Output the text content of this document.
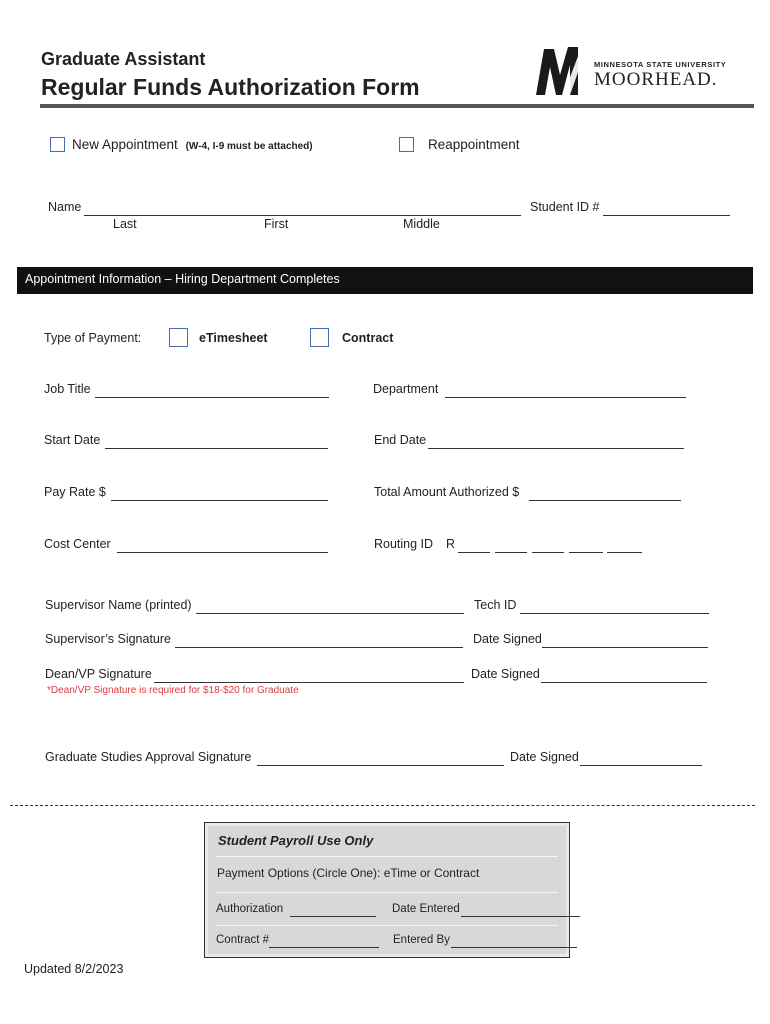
Graduate Assistant
Regular Funds Authorization Form
MINNESOTA STATE UNIVERSITY
MOORHEAD.
New Appointment (W-4, I-9 must be attached)	Reappointment
Name
Last	First	Middle
Student ID #
Appointment Information – Hiring Department Completes
Type of Payment:	eTimesheet	Contract
Job Title	Department
Start Date	End Date
Pay Rate $	Total Amount Authorized $
Cost Center	Routing ID R
Supervisor Name (printed)	Tech ID
Supervisor’s Signature	Date Signed
Dean/VP Signature	Date Signed
*Dean/VP Signature is required for $18-$20 for Graduate
Graduate Studies Approval Signature	Date Signed
Student Payroll Use Only
Payment Options (Circle One): eTime or Contract
Authorization	Date Entered
Contract #	Entered By
Updated 8/2/2023
